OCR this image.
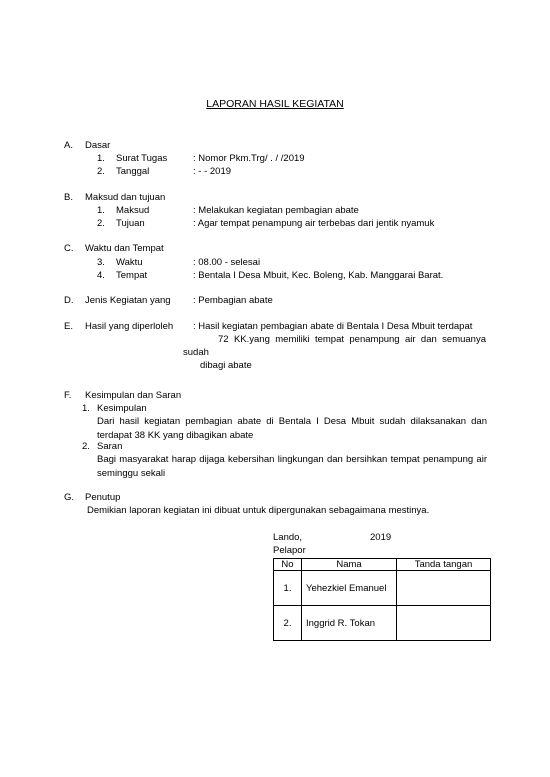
LAPORAN HASIL KEGIATAN
A. Dasar
1. Surat Tugas	: Nomor Pkm.Trg/ . / /2019
2. Tanggal	: - - 2019
B. Maksud dan tujuan
1. Maksud	: Melakukan kegiatan pembagian abate
2. Tujuan	: Agar tempat penampung air terbebas dari jentik nyamuk
C. Waktu dan Tempat
3. Waktu	: 08.00 - selesai
4. Tempat	: Bentala I Desa Mbuit, Kec. Boleng, Kab. Manggarai Barat.
D. Jenis Kegiatan yang : Pembagian abate
E. Hasil yang diperloleh : Hasil kegiatan pembagian abate di Bentala I Desa Mbuit terdapat
72 KK.yang memiliki tempat penampung air dan semuanya
sudah
dibagi abate
F. Kesimpulan dan Saran
1. Kesimpulan
Dari hasil kegiatan pembagian abate di Bentala I Desa Mbuit sudah dilaksanakan dan terdapat 38 KK yang dibagikan abate
2. Saran
Bagi masyarakat harap dijaga kebersihan lingkungan dan bersihkan tempat penampung air seminggu sekali
G. Penutup
Demikian laporan kegiatan ini dibuat untuk dipergunakan sebagaimana mestinya.
Lando,	2019
Pelapor
No	Nama	Tanda tangan
1.	Yehezkiel Emanuel	
2.	Inggrid R. Tokan	
